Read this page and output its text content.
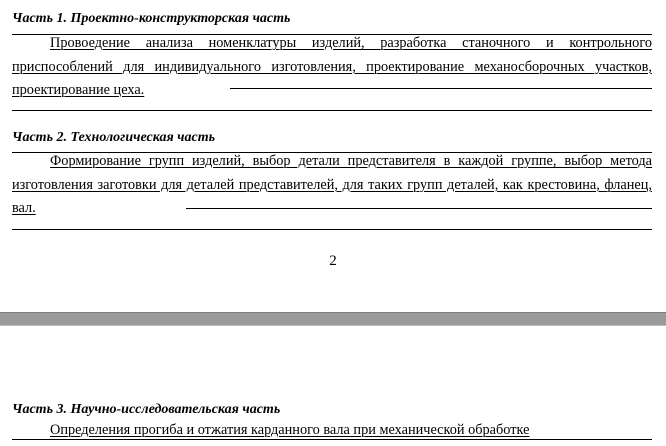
Часть 1. Проектно-конструкторская часть
Провоедение анализа номенклатуры изделий, разработка станочного и контрольного приспособлений для индивидуального изготовления, проектирование механосборочных участков, проектирование цеха.
Часть 2. Технологическая часть
Формирование групп изделий, выбор детали представителя в каждой группе, выбор метода изготовления заготовки для деталей представителей, для таких групп деталей, как крестовина, фланец, вал.
2
Часть 3. Научно-исследовательская часть
Определения прогиба и отжатия карданного вала при механической обработке
